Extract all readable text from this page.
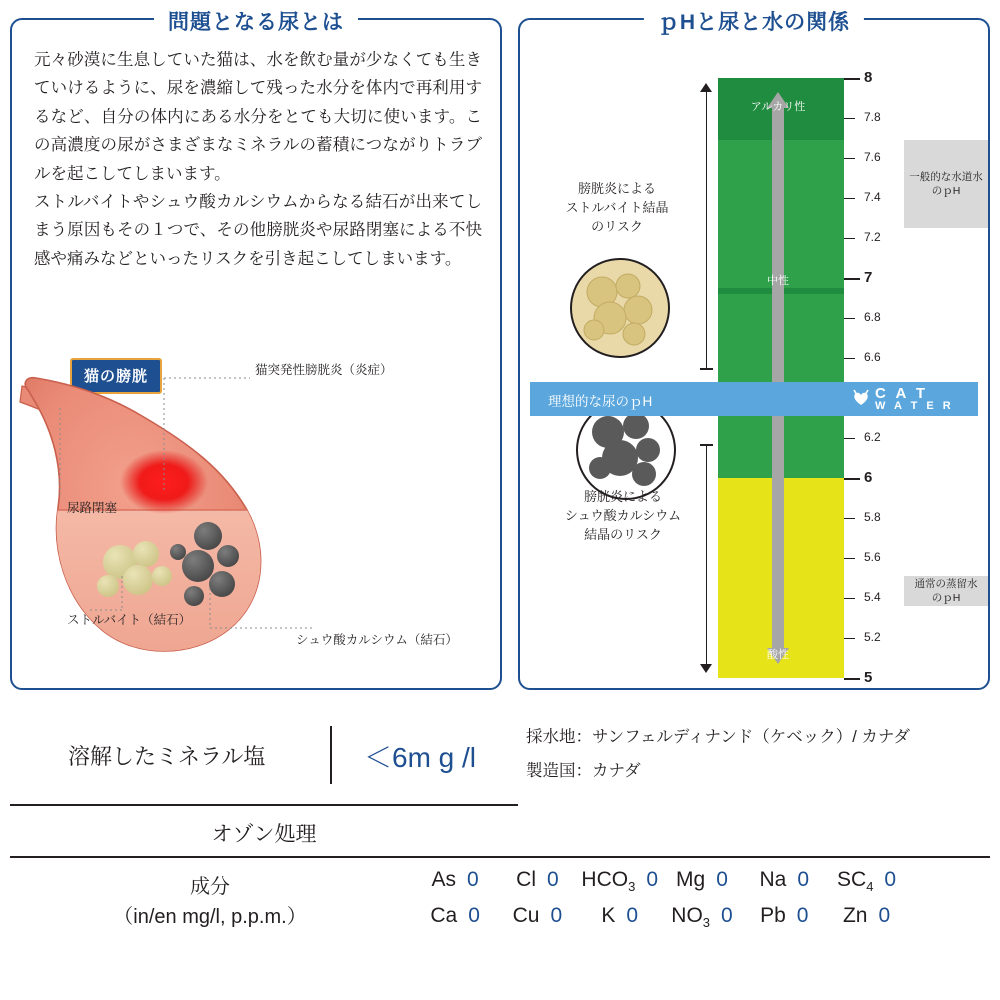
問題となる尿とは

元々砂漠に生息していた猫は、水を飲む量が少なくても生きていけるように、尿を濃縮して残った水分を体内で再利用するなど、自分の体内にある水分をとても大切に使います。この高濃度の尿がさまざまなミネラルの蓄積につながりトラブルを起こしてしまいます。

ストルバイトやシュウ酸カルシウムからなる結石が出来てしまう原因もその１つで、その他膀胱炎や尿路閉塞による不快感や痛みなどといったリスクを引き起こしてしまいます。

猫の膀胱	猫突発性膀胱炎（炎症）
尿路閉塞
ストルバイト（結石）
シュウ酸カルシウム（結石）
ｐHと尿と水の関係
アルカリ性
中性
酸性
8
7
6
5
7.8
7.6
7.4
7.2
6.8
6.6
6.2
5.8
5.6
5.4
5.2
膀胱炎による
ストルバイト結晶
のリスク
膀胱炎による
シュウ酸カルシウム
結晶のリスク
理想的な尿のｐH	C A T
W A T E R
一般的な水道水
のｐH
通常の蒸留水
のｐH
溶解したミネラル塩	＜6m g /l
採水地：サンフェルディナンド（ケベック）/ カナダ
製造国：カナダ
オゾン処理
成分
（in/en mg/l, p.p.m.）
As 0 Cl 0 $HCO_3$ 0 Mg 0 Na 0 $SC_4$ 0
Ca 0 Cu 0 K 0 $NO_3$ 0 Pb 0 Zn 0
